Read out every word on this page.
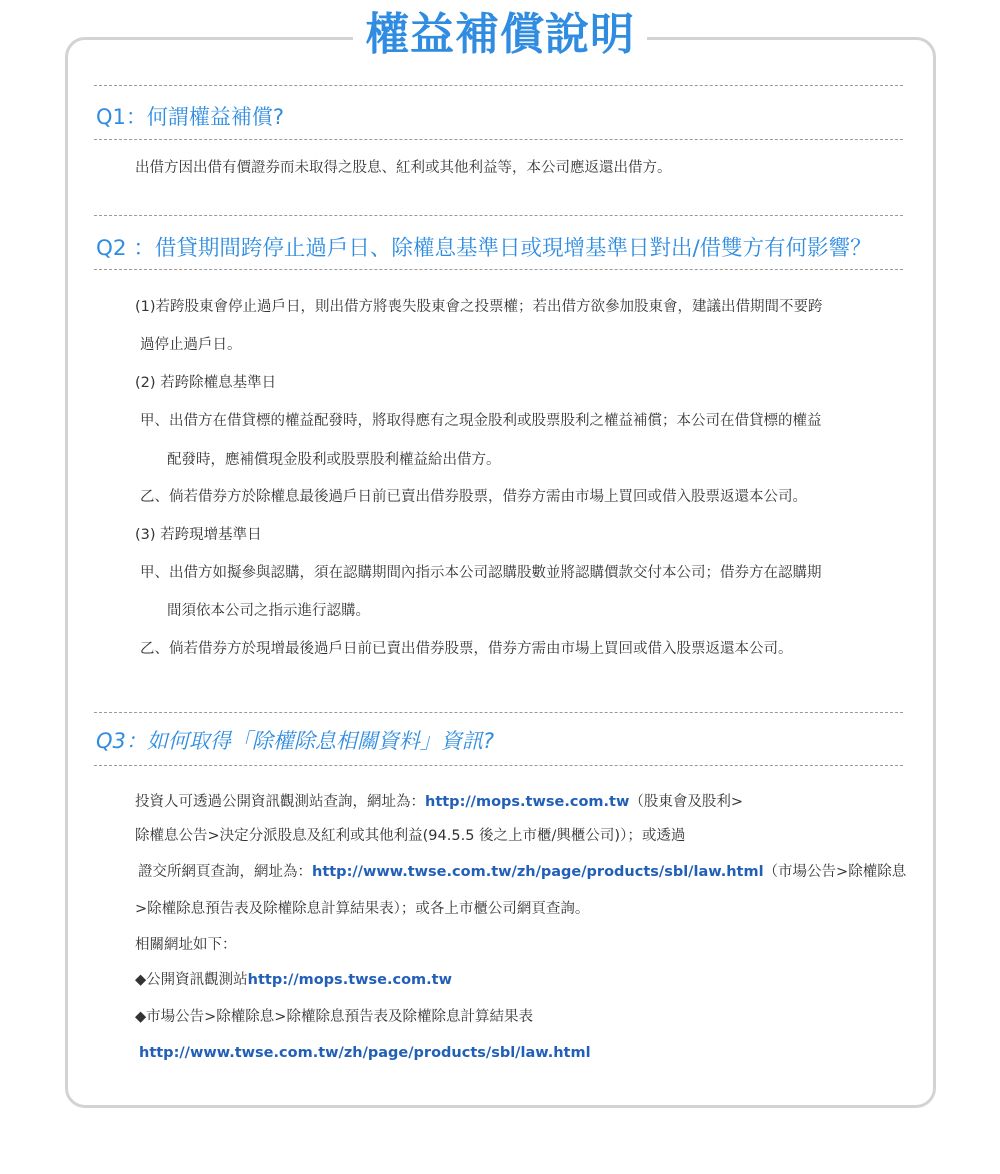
權益補償說明
Q1：何謂權益補償?
出借方因出借有價證券而未取得之股息、紅利或其他利益等，本公司應返還出借方。
Q2 ：借貸期間跨停止過戶日、除權息基準日或現增基準日對出/借雙方有何影響？
(1)若跨股東會停止過戶日，則出借方將喪失股東會之投票權；若出借方欲參加股東會，建議出借期間不要跨
過停止過戶日。
(2) 若跨除權息基準日
甲、出借方在借貸標的權益配發時，將取得應有之現金股利或股票股利之權益補償；本公司在借貸標的權益
配發時，應補償現金股利或股票股利權益給出借方。
乙、倘若借券方於除權息最後過戶日前已賣出借券股票，借券方需由市場上買回或借入股票返還本公司。
(3) 若跨現增基準日
甲、出借方如擬參與認購，須在認購期間內指示本公司認購股數並將認購價款交付本公司；借券方在認購期
間須依本公司之指示進行認購。
乙、倘若借券方於現增最後過戶日前已賣出借券股票，借券方需由市場上買回或借入股票返還本公司。
Q3：如何取得「除權除息相關資料」資訊?
投資人可透過公開資訊觀測站查詢，網址為：http://mops.twse.com.tw（股東會及股利>
除權息公告>決定分派股息及紅利或其他利益(94.5.5 後之上市櫃/興櫃公司)）；或透過
證交所網頁查詢，網址為：http://www.twse.com.tw/zh/page/products/sbl/law.html（市場公告>除權除息
>除權除息預告表及除權除息計算結果表）；或各上市櫃公司網頁查詢。
相關網址如下：
◆公開資訊觀測站http://mops.twse.com.tw
◆市場公告>除權除息>除權除息預告表及除權除息計算結果表
http://www.twse.com.tw/zh/page/products/sbl/law.html
